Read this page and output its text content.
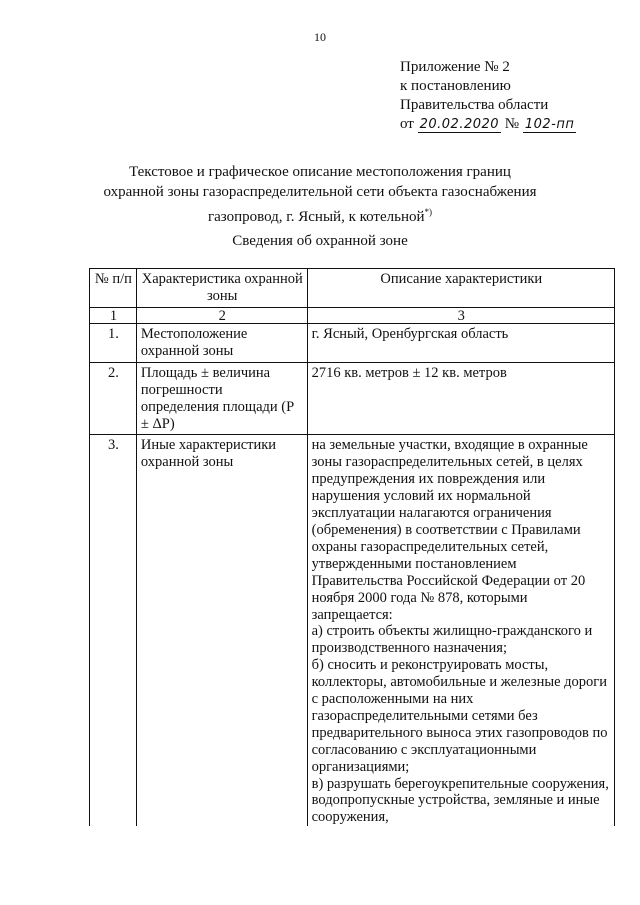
10
Приложение № 2
к постановлению
Правительства области
от 20.02.2020 № 102-пп
Текстовое и графическое описание местоположения границ
охранной зоны газораспределительной сети объекта газоснабжения
газопровод, г. Ясный, к котельной*)
Сведения об охранной зоне
№ п/п	Характеристика охранной зоны	Описание характеристики
1	2	3
1.	Местоположение охранной зоны	г. Ясный, Оренбургская область
2.	Площадь ± величина погрешности определения площади (Р ± ΔР)	2716 кв. метров ± 12 кв. метров
3.	Иные характеристики охранной зоны	на земельные участки, входящие в охранные зоны газораспределительных сетей, в целях предупреждения их повреждения или нарушения условий их нормальной эксплуатации налагаются ограничения (обременения) в соответствии с Правилами охраны газораспределительных сетей, утвержденными постановлением Правительства Российской Федерации от 20 ноября 2000 года № 878, которыми запрещается:
а) строить объекты жилищно-гражданского и производственного назначения;
б) сносить и реконструировать мосты, коллекторы, автомобильные и железные дороги с расположенными на них газораспределительными сетями без предварительного выноса этих газопроводов по согласованию с эксплуатационными организациями;
в) разрушать берегоукрепительные сооружения, водопропускные устройства, земляные и иные сооружения,
